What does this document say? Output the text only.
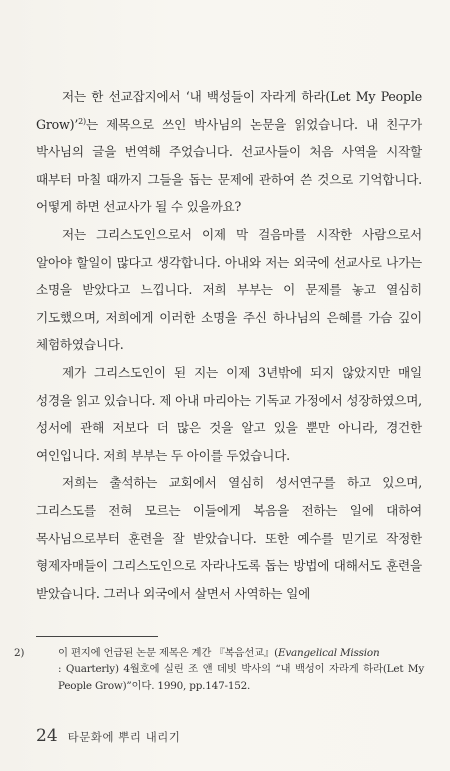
저는 한 선교잡지에서 ‘내 백성들이 자라게 하라(Let My People Grow)’$^{2)}$는 제목으로 쓰인 박사님의 논문을 읽었습니다. 내 친구가 박사님의 글을 번역해 주었습니다. 선교사들이 처음 사역을 시작할 때부터 마칠 때까지 그들을 돕는 문제에 관하여 쓴 것으로 기억합니다. 어떻게 하면 선교사가 될 수 있을까요?

저는 그리스도인으로서 이제 막 걸음마를 시작한 사람으로서 알아야 할일이 많다고 생각합니다. 아내와 저는 외국에 선교사로 나가는 소명을 받았다고 느낍니다. 저희 부부는 이 문제를 놓고 열심히 기도했으며, 저희에게 이러한 소명을 주신 하나님의 은혜를 가슴 깊이 체험하였습니다.

제가 그리스도인이 된 지는 이제 3년밖에 되지 않았지만 매일 성경을 읽고 있습니다. 제 아내 마리아는 기독교 가정에서 성장하였으며, 성서에 관해 저보다 더 많은 것을 알고 있을 뿐만 아니라, 경건한 여인입니다. 저희 부부는 두 아이를 두었습니다.

저희는 출석하는 교회에서 열심히 성서연구를 하고 있으며, 그리스도를 전혀 모르는 이들에게 복음을 전하는 일에 대하여 목사님으로부터 훈련을 잘 받았습니다. 또한 예수를 믿기로 작정한 형제자매들이 그리스도인으로 자라나도록 돕는 방법에 대해서도 훈련을 받았습니다. 그러나 외국에서 살면서 사역하는 일에

2)	이 편지에 언급된 논문 제목은 계간 『복음선교』(Evangelical Mission
: Quarterly) 4월호에 실린 조 앤 데빗 박사의 “내 백성이 자라게 하라(Let My People Grow)”이다. 1990, pp.147-152.
24 타문화에 뿌리 내리기
